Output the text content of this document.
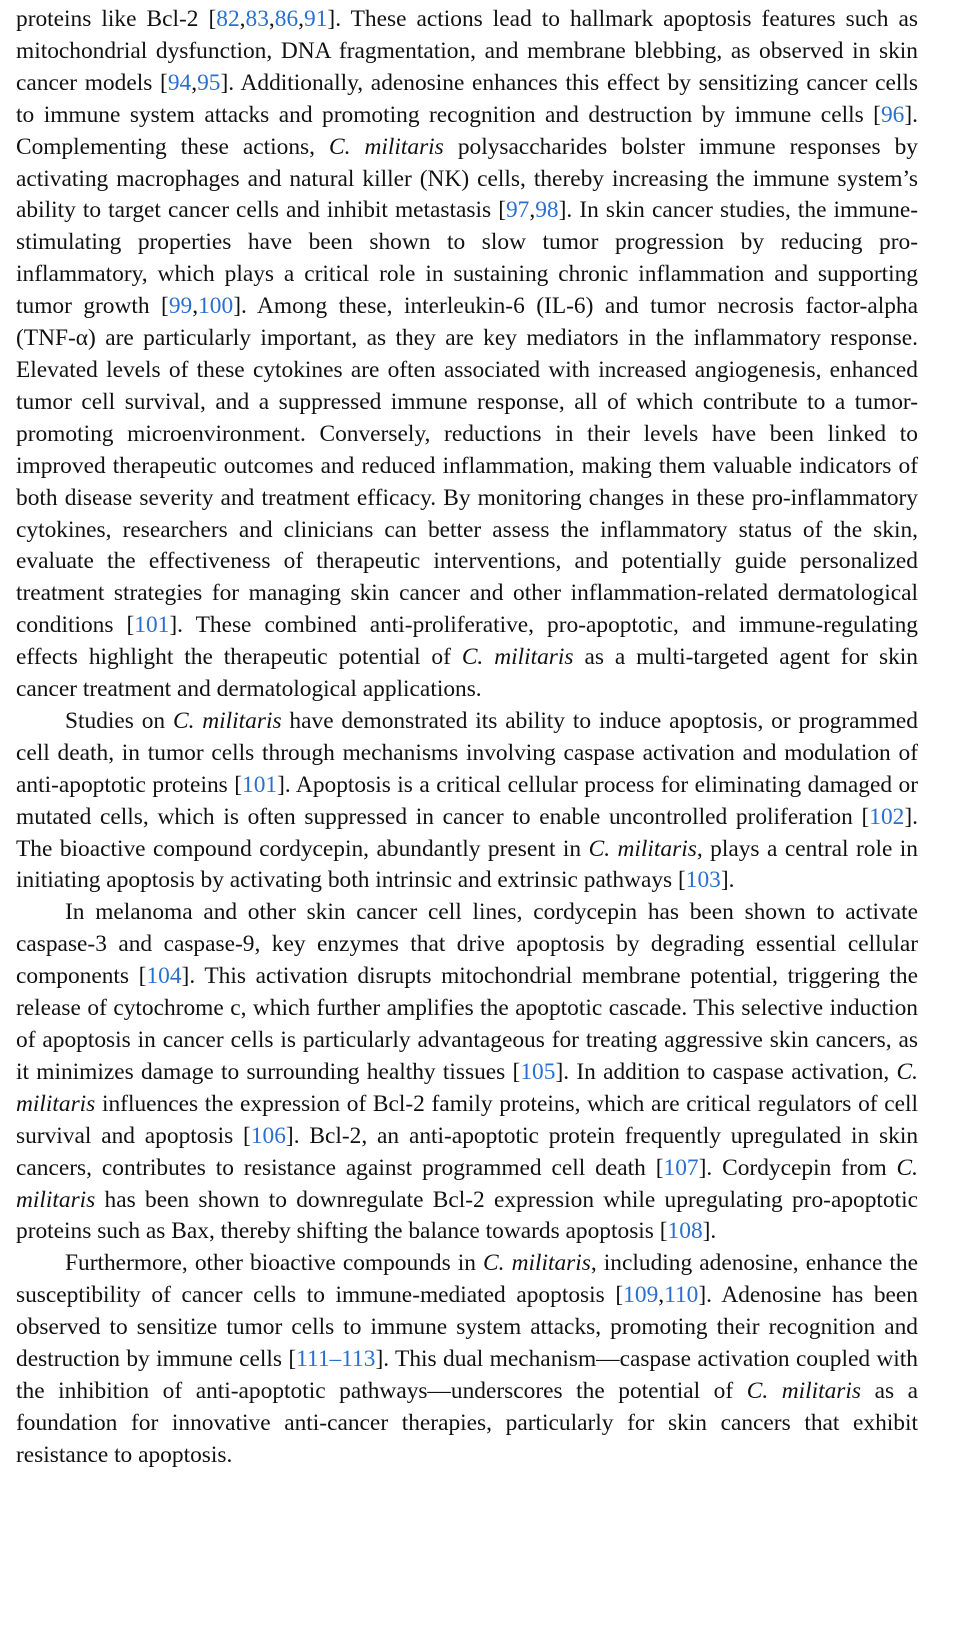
proteins like Bcl-2 [82,83,86,91]. These actions lead to hallmark apoptosis features such as mitochondrial dysfunction, DNA fragmentation, and membrane blebbing, as observed in skin cancer models [94,95]. Additionally, adenosine enhances this effect by sensitizing cancer cells to immune system attacks and promoting recognition and destruction by immune cells [96]. Complementing these actions, C. militaris polysaccharides bolster immune responses by activating macrophages and natural killer (NK) cells, thereby increasing the immune system’s ability to target cancer cells and inhibit metastasis [97,98]. In skin cancer studies, the immune-stimulating properties have been shown to slow tumor progression by reducing pro-inflammatory, which plays a critical role in sustaining chronic inflammation and supporting tumor growth [99,100]. Among these, interleukin-6 (IL-6) and tumor necrosis factor-alpha (TNF-α) are particularly important, as they are key mediators in the inflammatory response. Elevated levels of these cytokines are often associated with increased angiogenesis, enhanced tumor cell survival, and a suppressed immune response, all of which contribute to a tumor-promoting microenvironment. Conversely, reductions in their levels have been linked to improved therapeutic outcomes and reduced inflammation, making them valuable indicators of both disease severity and treatment efficacy. By monitoring changes in these pro-inflammatory cytokines, researchers and clinicians can better assess the inflammatory status of the skin, evaluate the effectiveness of therapeutic interventions, and potentially guide personalized treatment strategies for managing skin cancer and other inflammation-related dermatological conditions [101]. These combined anti-proliferative, pro-apoptotic, and immune-regulating effects highlight the therapeutic potential of C. militaris as a multi-targeted agent for skin cancer treatment and dermatological applications.

Studies on C. militaris have demonstrated its ability to induce apoptosis, or programmed cell death, in tumor cells through mechanisms involving caspase activation and modulation of anti-apoptotic proteins [101]. Apoptosis is a critical cellular process for eliminating damaged or mutated cells, which is often suppressed in cancer to enable uncontrolled proliferation [102]. The bioactive compound cordycepin, abundantly present in C. militaris, plays a central role in initiating apoptosis by activating both intrinsic and extrinsic pathways [103].

In melanoma and other skin cancer cell lines, cordycepin has been shown to activate caspase-3 and caspase-9, key enzymes that drive apoptosis by degrading essential cellular components [104]. This activation disrupts mitochondrial membrane potential, triggering the release of cytochrome c, which further amplifies the apoptotic cascade. This selective induction of apoptosis in cancer cells is particularly advantageous for treating aggressive skin cancers, as it minimizes damage to surrounding healthy tissues [105]. In addition to caspase activation, C. militaris influences the expression of Bcl-2 family proteins, which are critical regulators of cell survival and apoptosis [106]. Bcl-2, an anti-apoptotic protein frequently upregulated in skin cancers, contributes to resistance against programmed cell death [107]. Cordycepin from C. militaris has been shown to downregulate Bcl-2 expression while upregulating pro-apoptotic proteins such as Bax, thereby shifting the balance towards apoptosis [108].

Furthermore, other bioactive compounds in C. militaris, including adenosine, enhance the susceptibility of cancer cells to immune-mediated apoptosis [109,110]. Adenosine has been observed to sensitize tumor cells to immune system attacks, promoting their recognition and destruction by immune cells [111–113]. This dual mechanism—caspase activation coupled with the inhibition of anti-apoptotic pathways—underscores the potential of C. militaris as a foundation for innovative anti-cancer therapies, particularly for skin cancers that exhibit resistance to apoptosis.
